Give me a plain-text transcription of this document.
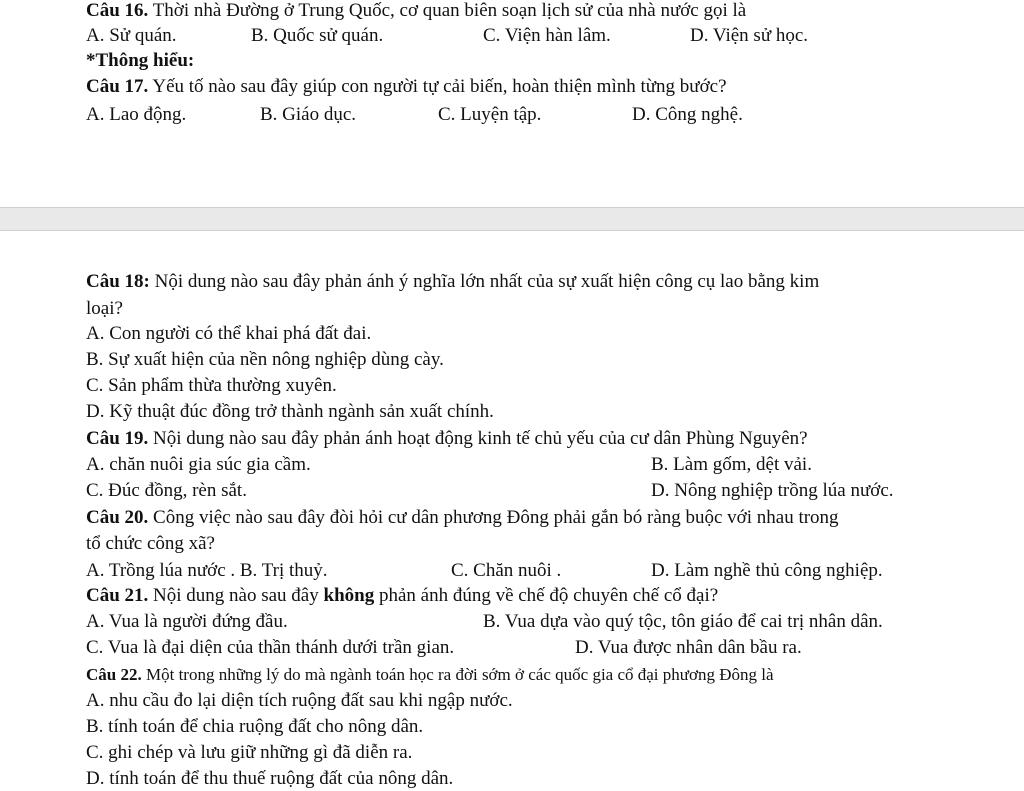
Câu 16. Thời nhà Đường ở Trung Quốc, cơ quan biên soạn lịch sử của nhà nước gọi là
A. Sử quán.	B. Quốc sử quán.	C. Viện hàn lâm.	D. Viện sử học.
*Thông hiểu:
Câu 17. Yếu tố nào sau đây giúp con người tự cải biến, hoàn thiện mình từng bước?
A. Lao động.	B. Giáo dục.	C. Luyện tập.	D. Công nghệ.
Câu 18: Nội dung nào sau đây phản ánh ý nghĩa lớn nhất của sự xuất hiện công cụ lao bằng kim
loại?
A. Con người có thể khai phá đất đai.
B. Sự xuất hiện của nền nông nghiệp dùng cày.
C. Sản phẩm thừa thường xuyên.
D. Kỹ thuật đúc đồng trở thành ngành sản xuất chính.
Câu 19. Nội dung nào sau đây phản ánh hoạt động kinh tế chủ yếu của cư dân Phùng Nguyên?
A. chăn nuôi gia súc gia cầm.	B. Làm gốm, dệt vải.
C. Đúc đồng, rèn sắt.	D. Nông nghiệp trồng lúa nước.
Câu 20. Công việc nào sau đây đòi hỏi cư dân phương Đông phải gắn bó ràng buộc với nhau trong
tổ chức công xã?
A. Trồng lúa nước . B. Trị thuỷ.	C. Chăn nuôi .	D. Làm nghề thủ công nghiệp.
Câu 21. Nội dung nào sau đây không phản ánh đúng về chế độ chuyên chế cổ đại?
A. Vua là người đứng đầu.	B. Vua dựa vào quý tộc, tôn giáo để cai trị nhân dân.
C. Vua là đại diện của thần thánh dưới trần gian.	D. Vua được nhân dân bầu ra.
Câu 22. Một trong những lý do mà ngành toán học ra đời sớm ở các quốc gia cổ đại phương Đông là
A. nhu cầu đo lại diện tích ruộng đất sau khi ngập nước.
B. tính toán để chia ruộng đất cho nông dân.
C. ghi chép và lưu giữ những gì đã diễn ra.
D. tính toán để thu thuế ruộng đất của nông dân.
